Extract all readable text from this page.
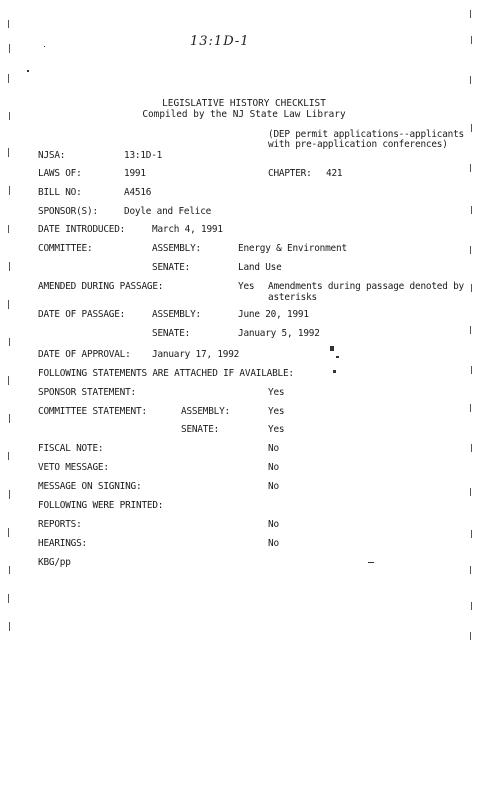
13:1D-1
LEGISLATIVE HISTORY CHECKLIST
Compiled by the NJ State Law Library
(DEP permit applications--applicants
with pre-application conferences)
NJSA:	13:1D-1
LAWS OF:	1991	CHAPTER: 421
BILL NO:	A4516
SPONSOR(S):	Doyle and Felice
DATE INTRODUCED:	March 4, 1991
COMMITTEE:	ASSEMBLY:	Energy & Environment
SENATE:	Land Use
AMENDED DURING PASSAGE:	Yes Amendments during passage denoted by asterisks
DATE OF PASSAGE:	ASSEMBLY:	June 20, 1991
SENATE:	January 5, 1992
DATE OF APPROVAL: January 17, 1992
FOLLOWING STATEMENTS ARE ATTACHED IF AVAILABLE:
SPONSOR STATEMENT:	Yes
COMMITTEE STATEMENT:	ASSEMBLY:	Yes
SENATE:	Yes
FISCAL NOTE:	No
VETO MESSAGE:	No
MESSAGE ON SIGNING:	No
FOLLOWING WERE PRINTED:
REPORTS:	No
HEARINGS:	No
KBG/pp
